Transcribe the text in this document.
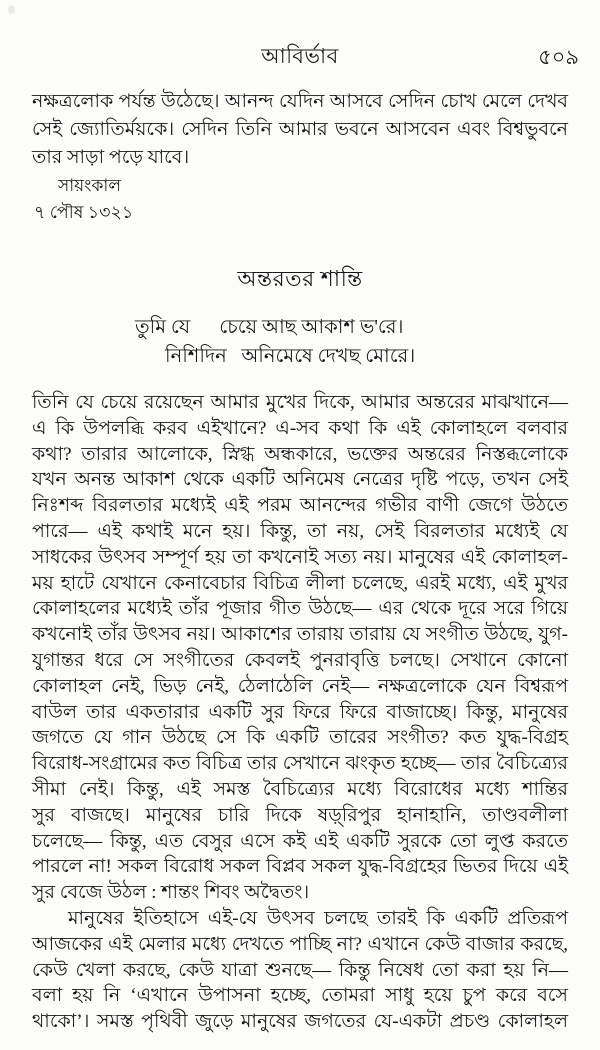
আবির্ভাব	৫০৯
নক্ষত্রলোক পর্যন্ত উঠেছে। আনন্দ যেদিন আসবে সেদিন চোখ মেলে দেখব
সেই জ্যোতির্ময়কে। সেদিন তিনি আমার ভবনে আসবেন এবং বিশ্বভুবনে
তার সাড়া পড়ে যাবে।
সায়ংকাল
৭ পৌষ ১৩২১
অন্তরতর শান্তি
তুমি যে      চেয়ে আছ আকাশ ভ'রে।
নিশিদিন   অনিমেষে দেখছ মোরে।
তিনি যে চেয়ে রয়েছেন আমার মুখের দিকে, আমার অন্তরের মাঝখানে—
এ কি উপলব্ধি করব এইখানে? এ-সব কথা কি এই কোলাহলে বলবার
কথা? তারার আলোকে, স্নিগ্ধ অন্ধকারে, ভক্তের অন্তরের নিস্তব্ধলোকে
যখন অনন্ত আকাশ থেকে একটি অনিমেষ নেত্রের দৃষ্টি পড়ে, তখন সেই
নিঃশব্দ বিরলতার মধ্যেই এই পরম আনন্দের গভীর বাণী জেগে উঠতে
পারে— এই কথাই মনে হয়। কিন্তু, তা নয়, সেই বিরলতার মধ্যেই যে
সাধকের উৎসব সম্পূর্ণ হয় তা কখনোই সত্য নয়। মানুষের এই কোলাহল-
ময় হাটে যেখানে কেনাবেচার বিচিত্র লীলা চলেছে, এরই মধ্যে, এই মুখর
কোলাহলের মধ্যেই তাঁর পূজার গীত উঠছে— এর থেকে দূরে সরে গিয়ে
কখনোই তাঁর উৎসব নয়। আকাশের তারায় তারায় যে সংগীত উঠছে, যুগ-
যুগান্তর ধরে সে সংগীতের কেবলই পুনরাবৃত্তি চলছে। সেখানে কোনো
কোলাহল নেই, ভিড় নেই, ঠেলাঠেলি নেই— নক্ষত্রলোকে যেন বিশ্বরূপ
বাউল তার একতারার একটি সুর ফিরে ফিরে বাজাচ্ছে। কিন্তু, মানুষের
জগতে যে গান উঠছে সে কি একটি তারের সংগীত? কত যুদ্ধ-বিগ্রহ
বিরোধ-সংগ্রামের কত বিচিত্র তার সেখানে ঝংকৃত হচ্ছে— তার বৈচিত্র্যের
সীমা নেই। কিন্তু, এই সমস্ত বৈচিত্র্যের মধ্যে বিরোধের মধ্যে শান্তির
সুর বাজছে। মানুষের চারি দিকে ষড়্‌রিপুর হানাহানি, তাণ্ডবলীলা
চলেছে— কিন্তু, এত বেসুর এসে কই এই একটি সুরকে তো লুপ্ত করতে
পারলে না! সকল বিরোধ সকল বিপ্লব সকল যুদ্ধ-বিগ্রহের ভিতর দিয়ে এই
সুর বেজে উঠল : শান্তং শিবং অদ্বৈতং।
মানুষের ইতিহাসে এই-যে উৎসব চলছে তারই কি একটি প্রতিরূপ
আজকের এই মেলার মধ্যে দেখতে পাচ্ছি না? এখানে কেউ বাজার করছে,
কেউ খেলা করছে, কেউ যাত্রা শুনছে— কিন্তু নিষেধ তো করা হয় নি—
বলা হয় নি ‘এখানে উপাসনা হচ্ছে, তোমরা সাধু হয়ে চুপ করে বসে
থাকো’। সমস্ত পৃথিবী জুড়ে মানুষের জগতের যে-একটা প্রচণ্ড কোলাহল
